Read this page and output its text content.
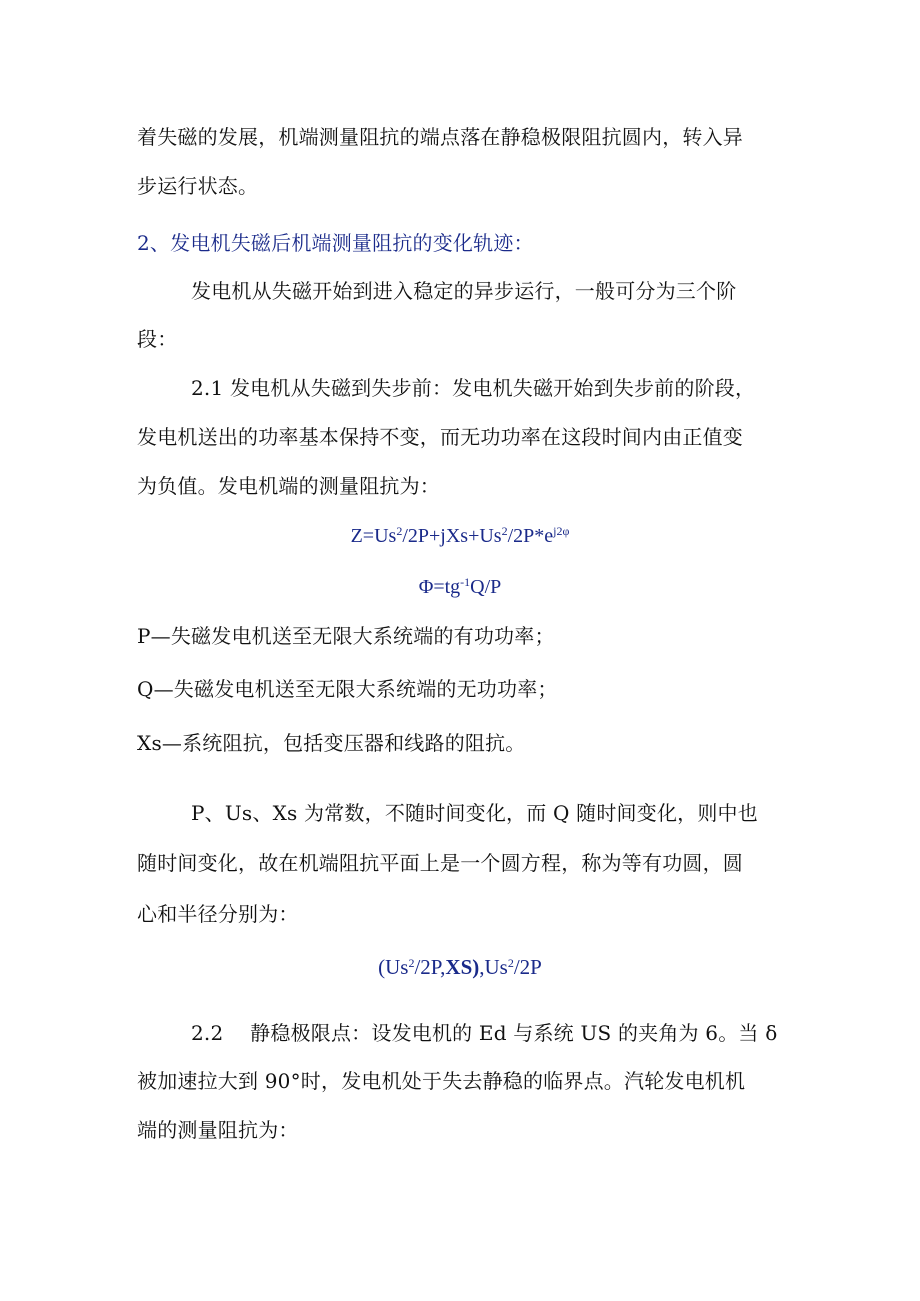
着失磁的发展，机端测量阻抗的端点落在静稳极限阻抗圆内，转入异
步运行状态。
2、发电机失磁后机端测量阻抗的变化轨迹：
发电机从失磁开始到进入稳定的异步运行，一般可分为三个阶
段：
2.1 发电机从失磁到失步前：发电机失磁开始到失步前的阶段，
发电机送出的功率基本保持不变，而无功功率在这段时间内由正值变
为负值。发电机端的测量阻抗为：
$Z=Us^2/2P+jXs+Us^2/2P*e^{j2\varphi}$
$\Phi=tg^{-1}Q/P$
P—失磁发电机送至无限大系统端的有功功率；
Q—失磁发电机送至无限大系统端的无功功率；
Xs—系统阻抗，包括变压器和线路的阻抗。
P、Us、Xs 为常数，不随时间变化，而 Q 随时间变化，则中也
随时间变化，故在机端阻抗平面上是一个圆方程，称为等有功圆，圆
心和半径分别为：
(Us$^2$/2P,XS),Us$^2$/2P
2.2　 静稳极限点：设发电机的 Ed 与系统 US 的夹角为 6。当 δ
被加速拉大到 90°时，发电机处于失去静稳的临界点。汽轮发电机机
端的测量阻抗为：
